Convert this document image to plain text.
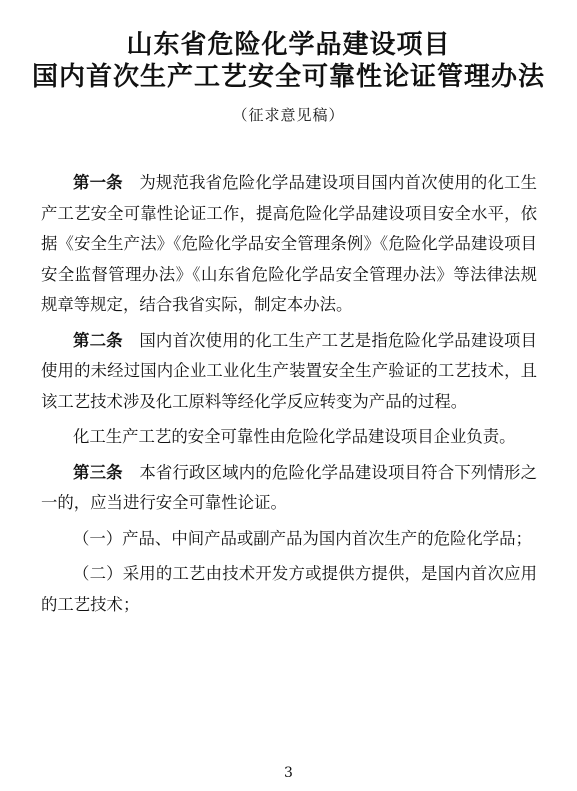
山东省危险化学品建设项目
国内首次生产工艺安全可靠性论证管理办法
（征求意见稿）

第一条　 为规范我省危险化学品建设项目国内首次使用的化工生产工艺安全可靠性论证工作，提高危险化学品建设项目安全水平，依据《安全生产法》《危险化学品安全管理条例》《危险化学品建设项目安全监督管理办法》《山东省危险化学品安全管理办法》等法律法规规章等规定，结合我省实际，制定本办法。

第二条　 国内首次使用的化工生产工艺是指危险化学品建设项目使用的未经过国内企业工业化生产装置安全生产验证的工艺技术，且该工艺技术涉及化工原料等经化学反应转变为产品的过程。

化工生产工艺的安全可靠性由危险化学品建设项目企业负责。

第三条　 本省行政区域内的危险化学品建设项目符合下列情形之一的，应当进行安全可靠性论证。

（一）产品、中间产品或副产品为国内首次生产的危险化学品；

（二）采用的工艺由技术开发方或提供方提供，是国内首次应用的工艺技术；

3
